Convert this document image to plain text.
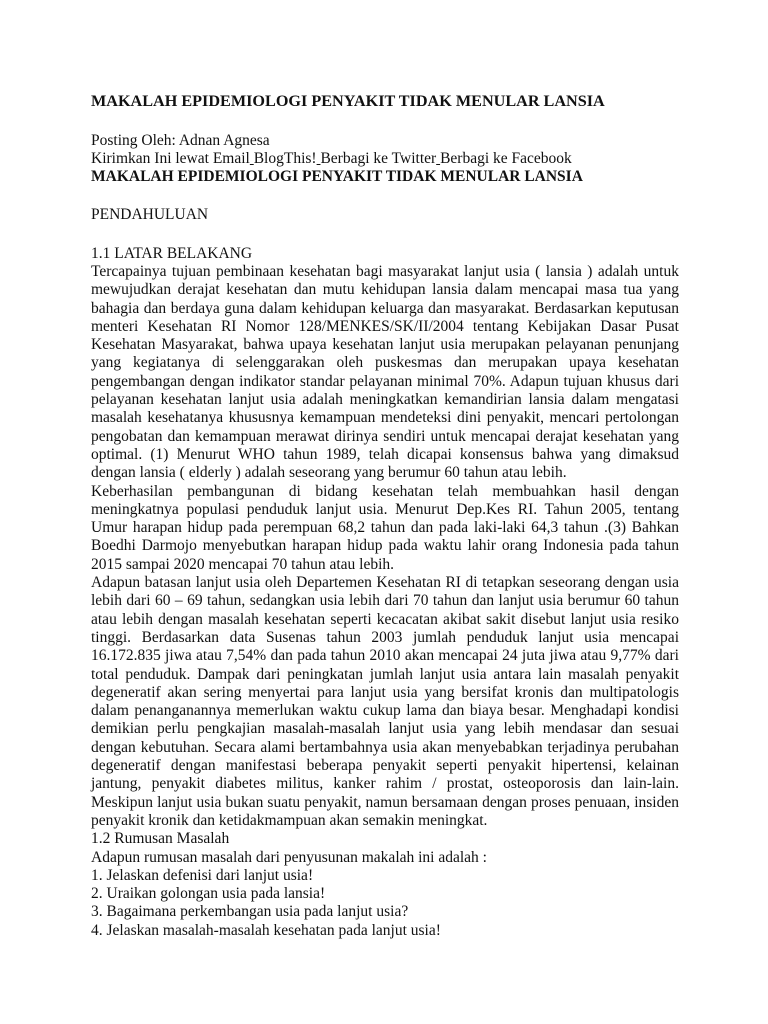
MAKALAH EPIDEMIOLOGI PENYAKIT TIDAK MENULAR LANSIA
Posting Oleh: Adnan Agnesa
Kirimkan Ini lewat Email BlogThis! Berbagi ke Twitter Berbagi ke Facebook
MAKALAH EPIDEMIOLOGI PENYAKIT TIDAK MENULAR LANSIA
PENDAHULUAN
1.1 LATAR BELAKANG

Tercapainya tujuan pembinaan kesehatan bagi masyarakat lanjut usia ( lansia ) adalah untuk mewujudkan derajat kesehatan dan mutu kehidupan lansia dalam mencapai masa tua yang bahagia dan berdaya guna dalam kehidupan keluarga dan masyarakat. Berdasarkan keputusan menteri Kesehatan RI Nomor 128/MENKES/SK/II/2004 tentang Kebijakan Dasar Pusat Kesehatan Masyarakat, bahwa upaya kesehatan lanjut usia merupakan pelayanan penunjang yang kegiatanya di selenggarakan oleh puskesmas dan merupakan upaya kesehatan pengembangan dengan indikator standar pelayanan minimal 70%. Adapun tujuan khusus dari pelayanan kesehatan lanjut usia adalah meningkatkan kemandirian lansia dalam mengatasi masalah kesehatanya khususnya kemampuan mendeteksi dini penyakit, mencari pertolongan pengobatan dan kemampuan merawat dirinya sendiri untuk mencapai derajat kesehatan yang optimal. (1) Menurut WHO tahun 1989, telah dicapai konsensus bahwa yang dimaksud dengan lansia ( elderly ) adalah seseorang yang berumur 60 tahun atau lebih.

Keberhasilan pembangunan di bidang kesehatan telah membuahkan hasil dengan meningkatnya populasi penduduk lanjut usia. Menurut Dep.Kes RI. Tahun 2005, tentang Umur harapan hidup pada perempuan 68,2 tahun dan pada laki-laki 64,3 tahun .(3) Bahkan Boedhi Darmojo menyebutkan harapan hidup pada waktu lahir orang Indonesia pada tahun 2015 sampai 2020 mencapai 70 tahun atau lebih.

Adapun batasan lanjut usia oleh Departemen Kesehatan RI di tetapkan seseorang dengan usia lebih dari 60 – 69 tahun, sedangkan usia lebih dari 70 tahun dan lanjut usia berumur 60 tahun atau lebih dengan masalah kesehatan seperti kecacatan akibat sakit disebut lanjut usia resiko tinggi. Berdasarkan data Susenas tahun 2003 jumlah penduduk lanjut usia mencapai 16.172.835 jiwa atau 7,54% dan pada tahun 2010 akan mencapai 24 juta jiwa atau 9,77% dari total penduduk. Dampak dari peningkatan jumlah lanjut usia antara lain masalah penyakit degeneratif akan sering menyertai para lanjut usia yang bersifat kronis dan multipatologis dalam penanganannya memerlukan waktu cukup lama dan biaya besar. Menghadapi kondisi demikian perlu pengkajian masalah-masalah lanjut usia yang lebih mendasar dan sesuai dengan kebutuhan. Secara alami bertambahnya usia akan menyebabkan terjadinya perubahan degeneratif dengan manifestasi beberapa penyakit seperti penyakit hipertensi, kelainan jantung, penyakit diabetes militus, kanker rahim / prostat, osteoporosis dan lain-lain. Meskipun lanjut usia bukan suatu penyakit, namun bersamaan dengan proses penuaan, insiden penyakit kronik dan ketidakmampuan akan semakin meningkat.

1.2 Rumusan Masalah
Adapun rumusan masalah dari penyusunan makalah ini adalah :
1. Jelaskan defenisi dari lanjut usia!
2. Uraikan golongan usia pada lansia!
3. Bagaimana perkembangan usia pada lanjut usia?
4. Jelaskan masalah-masalah kesehatan pada lanjut usia!
